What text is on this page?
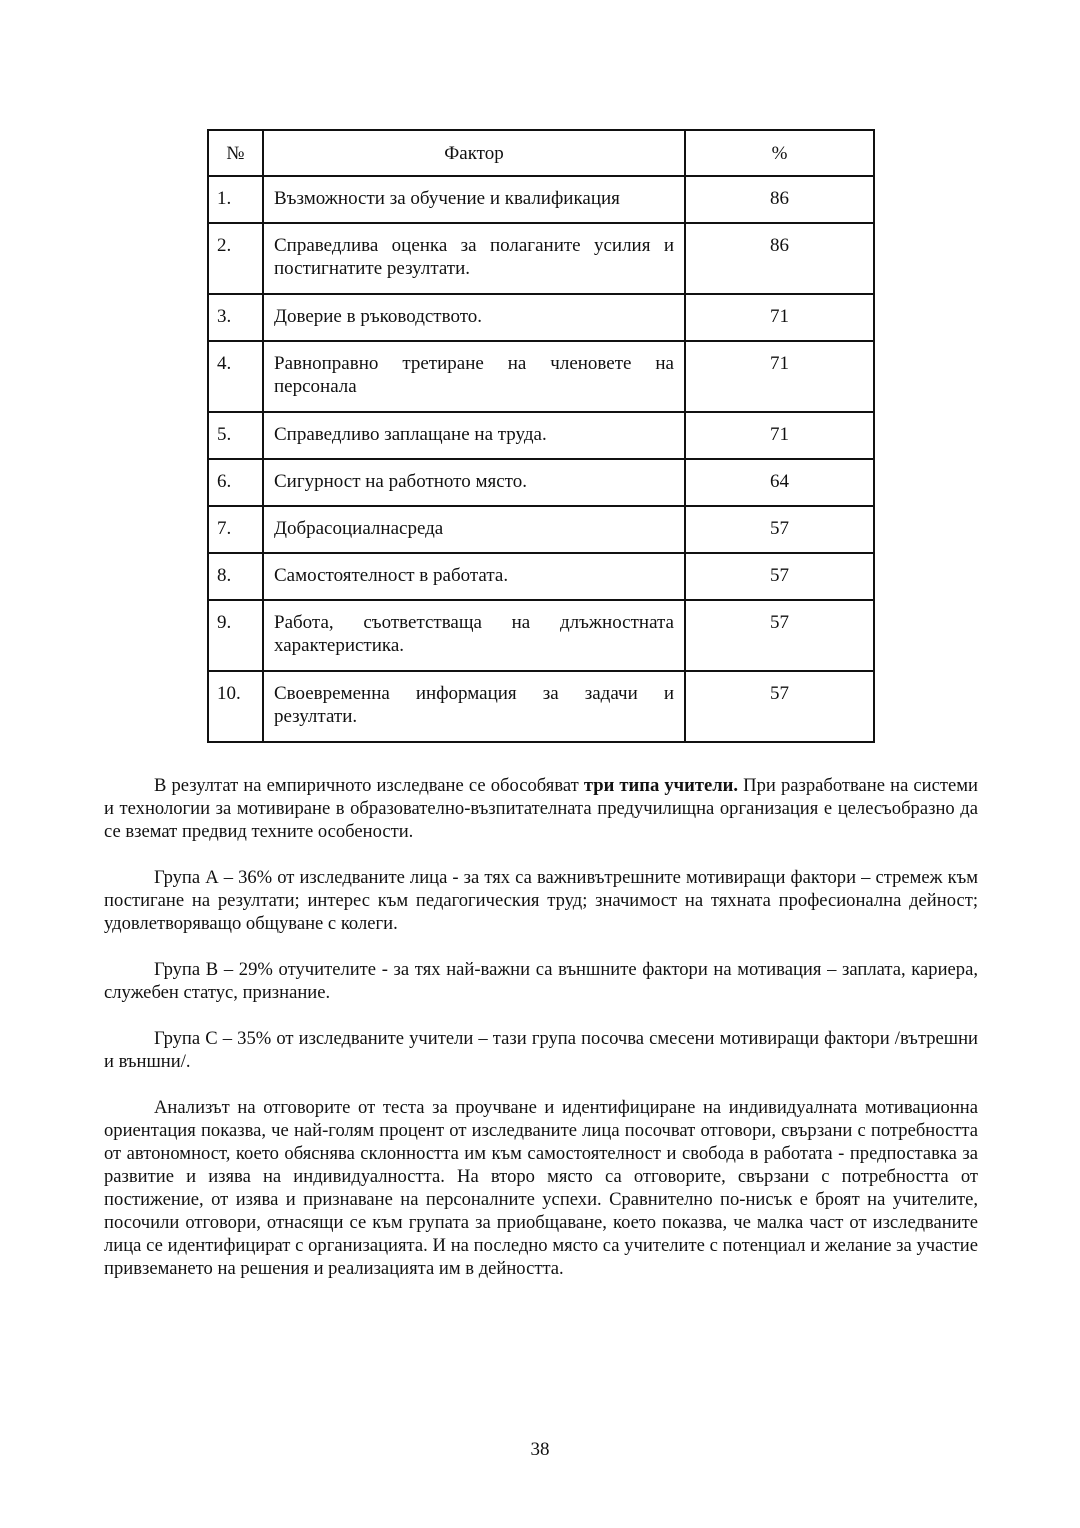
№	Фактор	%
1.	Възможности за обучение и квалификация	86
2.	Справедлива оценка за полаганите усилия и постигнатите резултати.	86
3.	Доверие в ръководството.	71
4.	Равноправно третиране на членовете на персонала	71
5.	Справедливо заплащане на труда.	71
6.	Сигурност на работното място.	64
7.	Добрасоциалнасреда	57
8.	Самостоятелност в работата.	57
9.	Работа, съответстваща на длъжностната характеристика.	57
10.	Своевременна информация за задачи и резултати.	57

В резултат на емпиричното изследване се обособяват три типа учители. При разработване на системи и технологии за мотивиране в образователно-възпитателната предучилищна организация е целесъобразно да се вземат предвид техните особености.

Група А – 36% от изследваните лица - за тях са важнивътрешните мотивиращи фактори – стремеж към постигане на резултати; интерес към педагогическия труд; значимост на тяхната професионална дейност; удовлетворяващо общуване с колеги.

Група В – 29% отучителите - за тях най-важни са външните фактори на мотивация – заплата, кариера, служебен статус, признание.

Група С – 35% от изследваните учители – тази група посочва смесени мотивиращи фактори /вътрешни и външни/.

Анализът на отговорите от теста за проучване и идентифициране на индивидуалната мотивационна ориентация показва, че най-голям процент от изследваните лица посочват отговори, свързани с потребността от автономност, което обяснява склонността им към самостоятелност и свобода в работата - предпоставка за развитие и изява на индивидуалността. На второ място са отговорите, свързани с потребността от постижение, от изява и признаване на персоналните успехи. Сравнително по-нисък е броят на учителите, посочили отговори, отнасящи се към групата за приобщаване, което показва, че малка част от изследваните лица се идентифицират с организацията. И на последно място са учителите с потенциал и желание за участие привземането на решения и реализацията им в дейността.

38
